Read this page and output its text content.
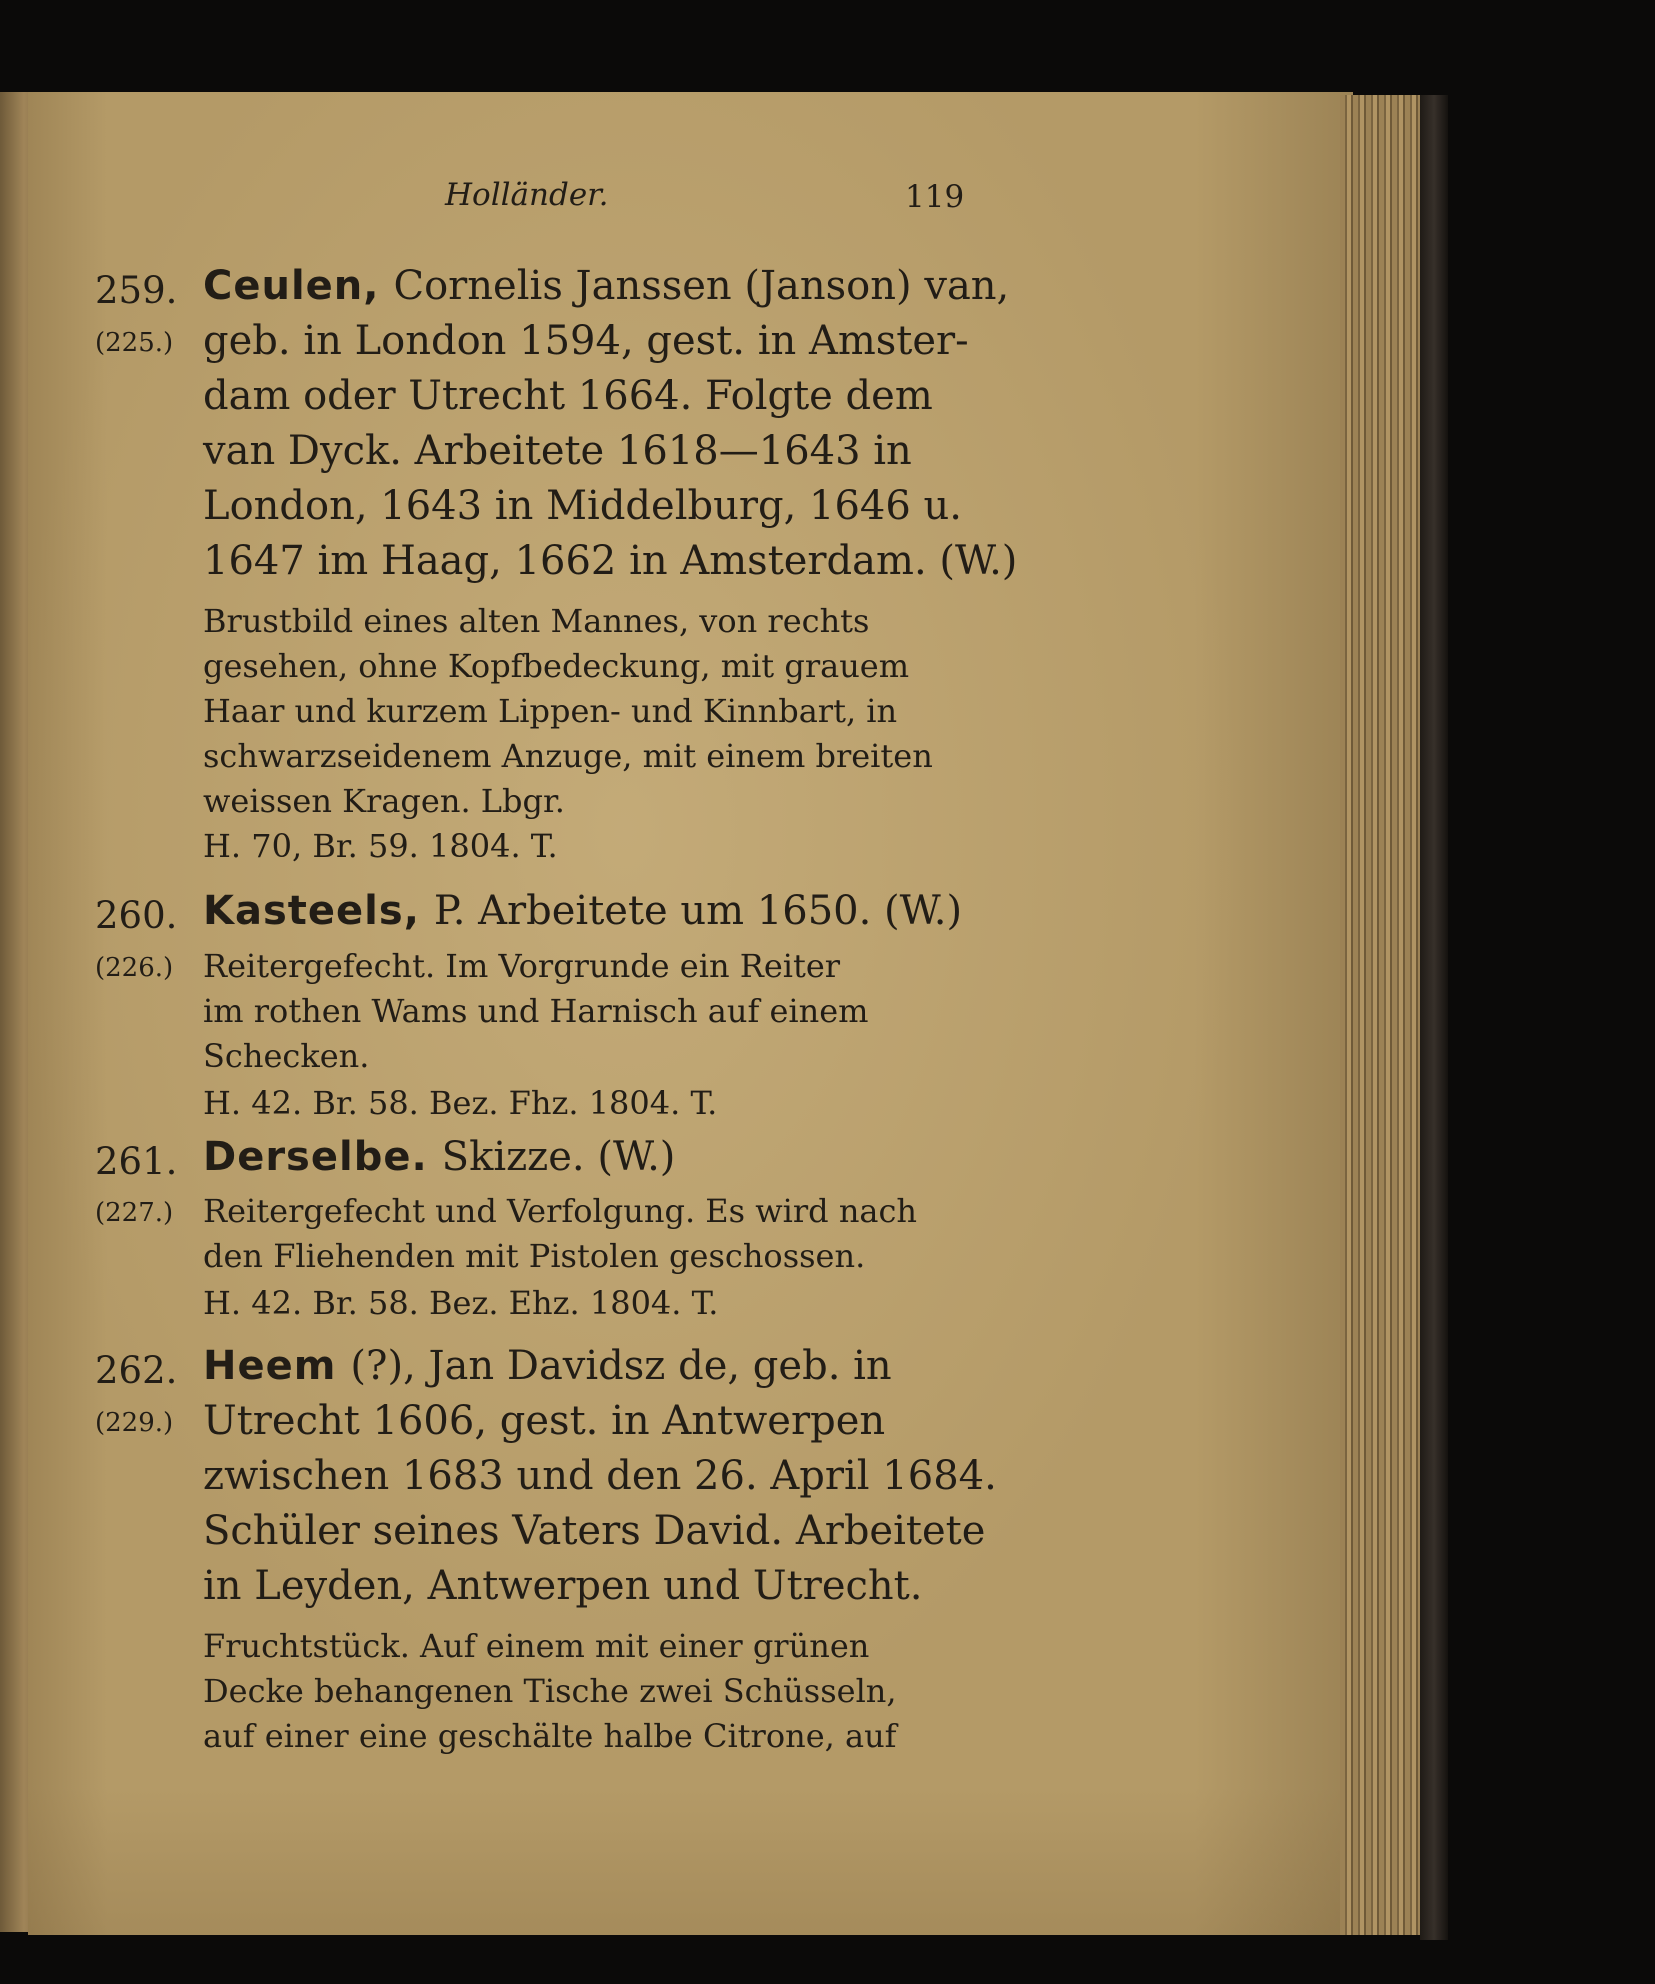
Holländer.	119
259.
(225.)
Ceulen, Cornelis Janssen (Janson) van,
geb. in London 1594, gest. in Amster-
dam oder Utrecht 1664. Folgte dem
van Dyck. Arbeitete 1618—1643 in
London, 1643 in Middelburg, 1646 u.
1647 im Haag, 1662 in Amsterdam. (W.)
Brustbild eines alten Mannes, von rechts
gesehen, ohne Kopfbedeckung, mit grauem
Haar und kurzem Lippen- und Kinnbart, in
schwarzseidenem Anzuge, mit einem breiten
weissen Kragen. Lbgr.
H. 70, Br. 59. 1804. T.
260.
(226.)
Kasteels, P. Arbeitete um 1650. (W.)
Reitergefecht. Im Vorgrunde ein Reiter
im rothen Wams und Harnisch auf einem
Schecken.
H. 42. Br. 58. Bez. Fhz. 1804. T.
261.
(227.)
Derselbe. Skizze. (W.)
Reitergefecht und Verfolgung. Es wird nach
den Fliehenden mit Pistolen geschossen.
H. 42. Br. 58. Bez. Ehz. 1804. T.
262.
(229.)
Heem (?), Jan Davidsz de, geb. in
Utrecht 1606, gest. in Antwerpen
zwischen 1683 und den 26. April 1684.
Schüler seines Vaters David. Arbeitete
in Leyden, Antwerpen und Utrecht.
Fruchtstück. Auf einem mit einer grünen
Decke behangenen Tische zwei Schüsseln,
auf einer eine geschälte halbe Citrone, auf
